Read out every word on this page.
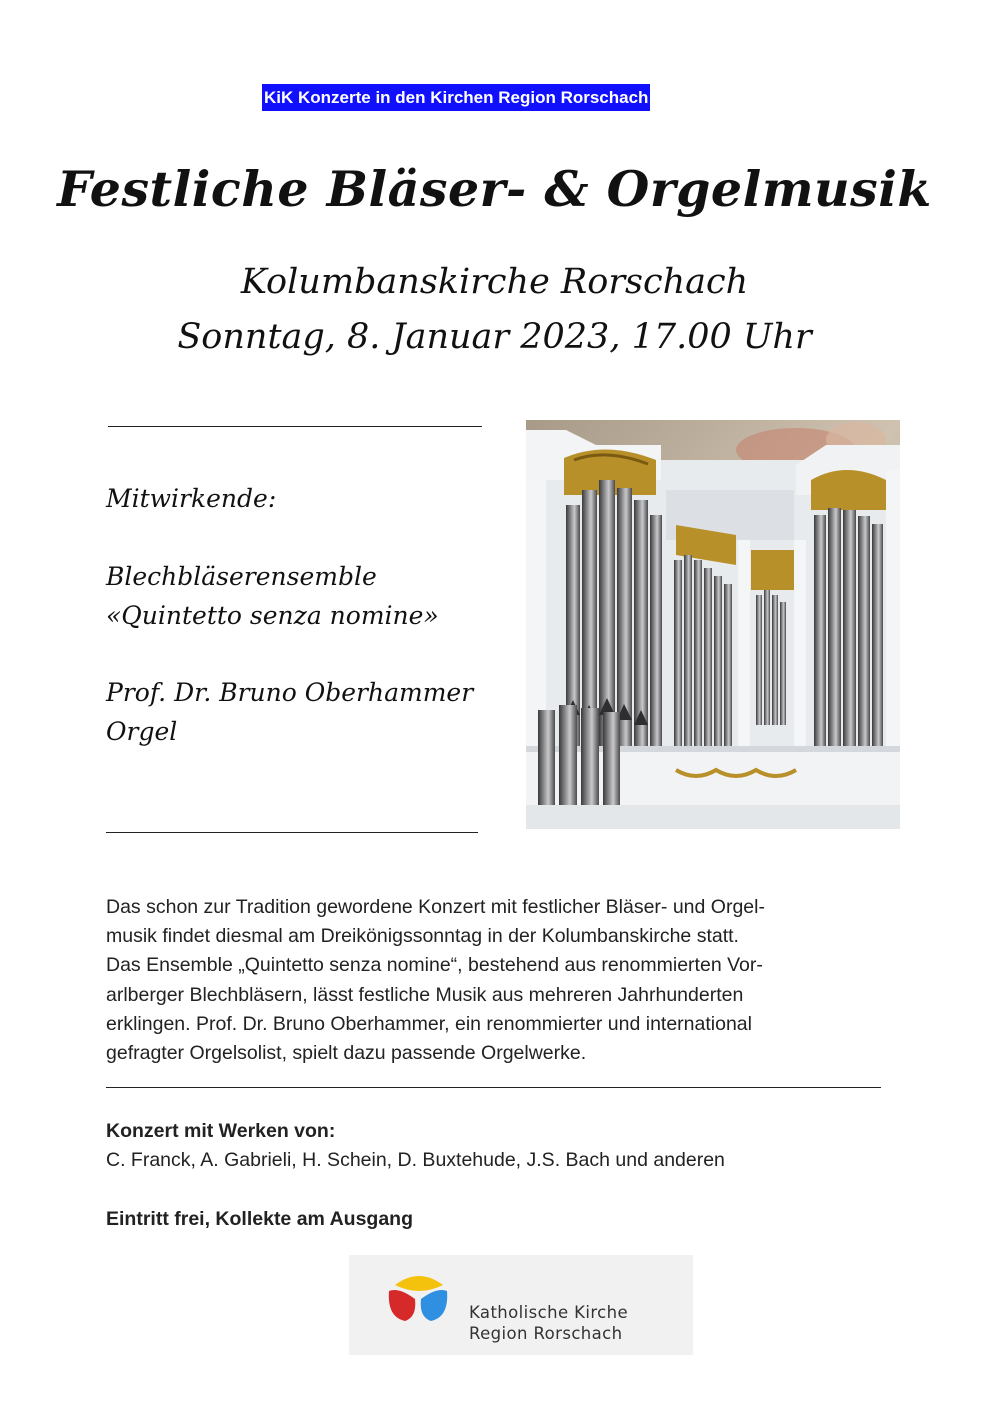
KiK Konzerte in den Kirchen Region Rorschach
Festliche Bläser- & Orgelmusik
Kolumbanskirche Rorschach
Sonntag, 8. Januar 2023, 17.00 Uhr
Mitwirkende:
Blechbläserensemble
«Quintetto senza nomine»
Prof. Dr. Bruno Oberhammer
Orgel
Das schon zur Tradition gewordene Konzert mit festlicher Bläser- und Orgel-
musik findet diesmal am Dreikönigssonntag in der Kolumbanskirche statt.
Das Ensemble „Quintetto senza nomine“, bestehend aus renommierten Vor-
arlberger Blechbläsern, lässt festliche Musik aus mehreren Jahrhunderten
erklingen. Prof. Dr. Bruno Oberhammer, ein renommierter und international
gefragter Orgelsolist, spielt dazu passende Orgelwerke.
Konzert mit Werken von:
C. Franck, A. Gabrieli, H. Schein, D. Buxtehude, J.S. Bach und anderen
Eintritt frei, Kollekte am Ausgang
Katholische Kirche
Region Rorschach
